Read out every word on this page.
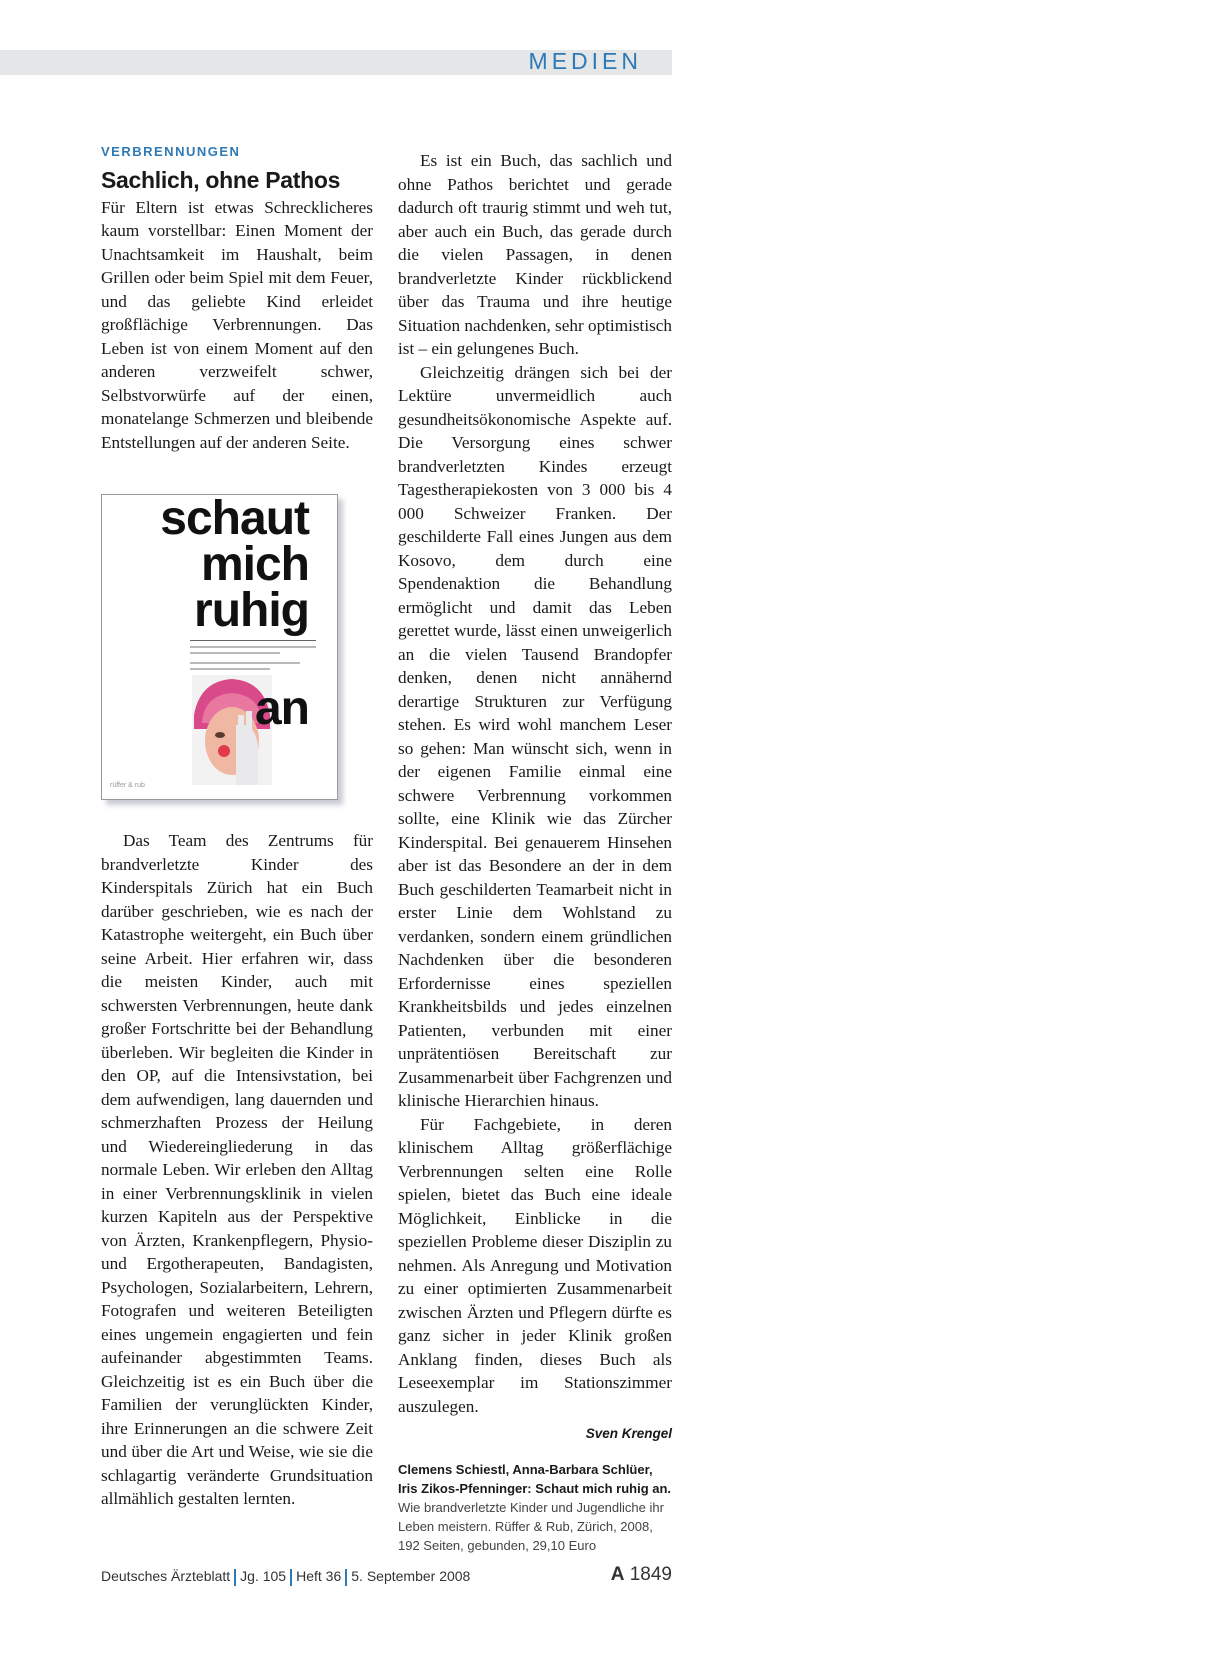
MEDIEN
VERBRENNUNGEN
Sachlich, ohne Pathos

Für Eltern ist etwas Schrecklicheres kaum vorstellbar: Einen Moment der Unachtsamkeit im Haushalt, beim Grillen oder beim Spiel mit dem Feuer, und das geliebte Kind erleidet großflächige Verbrennungen. Das Leben ist von einem Moment auf den anderen verzweifelt schwer, Selbstvorwürfe auf der einen, monatelange Schmerzen und bleibende Entstellungen auf der anderen Seite.

schaut
mich
ruhig
an
rüffer & rub

Das Team des Zentrums für brandverletzte Kinder des Kinderspitals Zürich hat ein Buch darüber geschrieben, wie es nach der Katastrophe weitergeht, ein Buch über seine Arbeit. Hier erfahren wir, dass die meisten Kinder, auch mit schwersten Verbrennungen, heute dank großer Fortschritte bei der Behandlung überleben. Wir begleiten die Kinder in den OP, auf die Intensivstation, bei dem aufwendigen, lang dauernden und schmerzhaften Prozess der Heilung und Wiedereingliederung in das normale Leben. Wir erleben den Alltag in einer Verbrennungsklinik in vielen kurzen Kapiteln aus der Perspektive von Ärzten, Krankenpflegern, Physio- und Ergotherapeuten, Bandagisten, Psychologen, Sozialarbeitern, Lehrern, Fotografen und weiteren Beteiligten eines ungemein engagierten und fein aufeinander abgestimmten Teams. Gleichzeitig ist es ein Buch über die Familien der verunglückten Kinder, ihre Erinnerungen an die schwere Zeit und über die Art und Weise, wie sie die schlagartig veränderte Grundsituation allmählich gestalten lernten.

Es ist ein Buch, das sachlich und ohne Pathos berichtet und gerade dadurch oft traurig stimmt und weh tut, aber auch ein Buch, das gerade durch die vielen Passagen, in denen brandverletzte Kinder rückblickend über das Trauma und ihre heutige Situation nachdenken, sehr optimistisch ist – ein gelungenes Buch.

Gleichzeitig drängen sich bei der Lektüre unvermeidlich auch gesundheitsökonomische Aspekte auf. Die Versorgung eines schwer brandverletzten Kindes erzeugt Tagestherapiekosten von 3 000 bis 4 000 Schweizer Franken. Der geschilderte Fall eines Jungen aus dem Kosovo, dem durch eine Spendenaktion die Behandlung ermöglicht und damit das Leben gerettet wurde, lässt einen unweigerlich an die vielen Tausend Brandopfer denken, denen nicht annähernd derartige Strukturen zur Verfügung stehen. Es wird wohl manchem Leser so gehen: Man wünscht sich, wenn in der eigenen Familie einmal eine schwere Verbrennung vorkommen sollte, eine Klinik wie das Zürcher Kinderspital. Bei genauerem Hinsehen aber ist das Besondere an der in dem Buch geschilderten Teamarbeit nicht in erster Linie dem Wohlstand zu verdanken, sondern einem gründlichen Nachdenken über die besonderen Erfordernisse eines speziellen Krankheitsbilds und jedes einzelnen Patienten, verbunden mit einer unprätentiösen Bereitschaft zur Zusammenarbeit über Fachgrenzen und klinische Hierarchien hinaus.

Für Fachgebiete, in deren klinischem Alltag größerflächige Verbrennungen selten eine Rolle spielen, bietet das Buch eine ideale Möglichkeit, Einblicke in die speziellen Probleme dieser Disziplin zu nehmen. Als Anregung und Motivation zu einer optimierten Zusammenarbeit zwischen Ärzten und Pflegern dürfte es ganz sicher in jeder Klinik großen Anklang finden, dieses Buch als Leseexemplar im Stationszimmer auszulegen.

Sven Krengel
Clemens Schiestl, Anna-Barbara Schlüer, Iris Zikos-Pfenninger: Schaut mich ruhig an. Wie brandverletzte Kinder und Jugendliche ihr Leben meistern. Rüffer & Rub, Zürich, 2008, 192 Seiten, gebunden, 29,10 Euro
Deutsches Ärzteblatt Jg. 105 Heft 36 5. September 2008	A 1849
